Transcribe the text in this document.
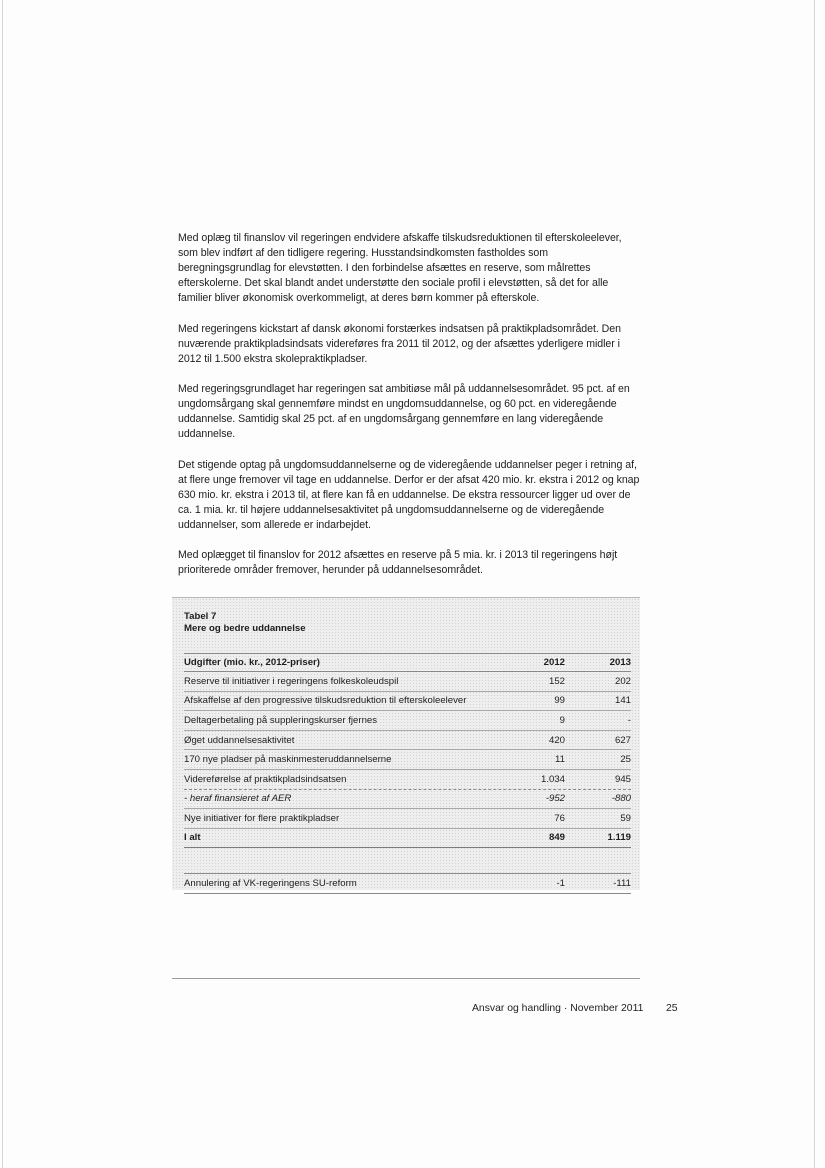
Med oplæg til finanslov vil regeringen endvidere afskaffe tilskudsreduktionen til efterskoleelever, som blev indført af den tidligere regering. Husstandsindkomsten fastholdes som beregningsgrundlag for elevstøtten. I den forbindelse afsættes en reserve, som målrettes efterskolerne. Det skal blandt andet understøtte den sociale profil i elevstøtten, så det for alle familier bliver økonomisk overkommeligt, at deres børn kommer på efterskole.

Med regeringens kickstart af dansk økonomi forstærkes indsatsen på praktikpladsområdet. Den nuværende praktikpladsindsats videreføres fra 2011 til 2012, og der afsættes yderligere midler i 2012 til 1.500 ekstra skolepraktikpladser.

Med regeringsgrundlaget har regeringen sat ambitiøse mål på uddannelsesområdet. 95 pct. af en ungdomsårgang skal gennemføre mindst en ungdomsuddannelse, og 60 pct. en videregående uddannelse. Samtidig skal 25 pct. af en ungdomsårgang gennemføre en lang videregående uddannelse.

Det stigende optag på ungdomsuddannelserne og de videregående uddannelser peger i retning af, at flere unge fremover vil tage en uddannelse. Derfor er der afsat 420 mio. kr. ekstra i 2012 og knap 630 mio. kr. ekstra i 2013 til, at flere kan få en uddannelse. De ekstra ressourcer ligger ud over de ca. 1 mia. kr. til højere uddannelsesaktivitet på ungdomsuddannelserne og de videregående uddannelser, som allerede er indarbejdet.

Med oplægget til finanslov for 2012 afsættes en reserve på 5 mia. kr. i 2013 til regeringens højt prioriterede områder fremover, herunder på uddannelsesområdet.

Tabel 7
Mere og bedre uddannelse
Udgifter (mio. kr., 2012-priser)	2012	2013
Reserve til initiativer i regeringens folkeskoleudspil	152	202
Afskaffelse af den progressive tilskudsreduktion til efterskoleelever	99	141
Deltagerbetaling på suppleringskurser fjernes	9	-
Øget uddannelsesaktivitet	420	627
170 nye pladser på maskinmesteruddannelserne	11	25
Videreførelse af praktikpladsindsatsen	1.034	945
- heraf finansieret af AER	-952	-880
Nye initiativer for flere praktikpladser	76	59
I alt	849	1.119
Annulering af VK-regeringens SU-reform	-1	-111
Ansvar og handling · November 2011 25
